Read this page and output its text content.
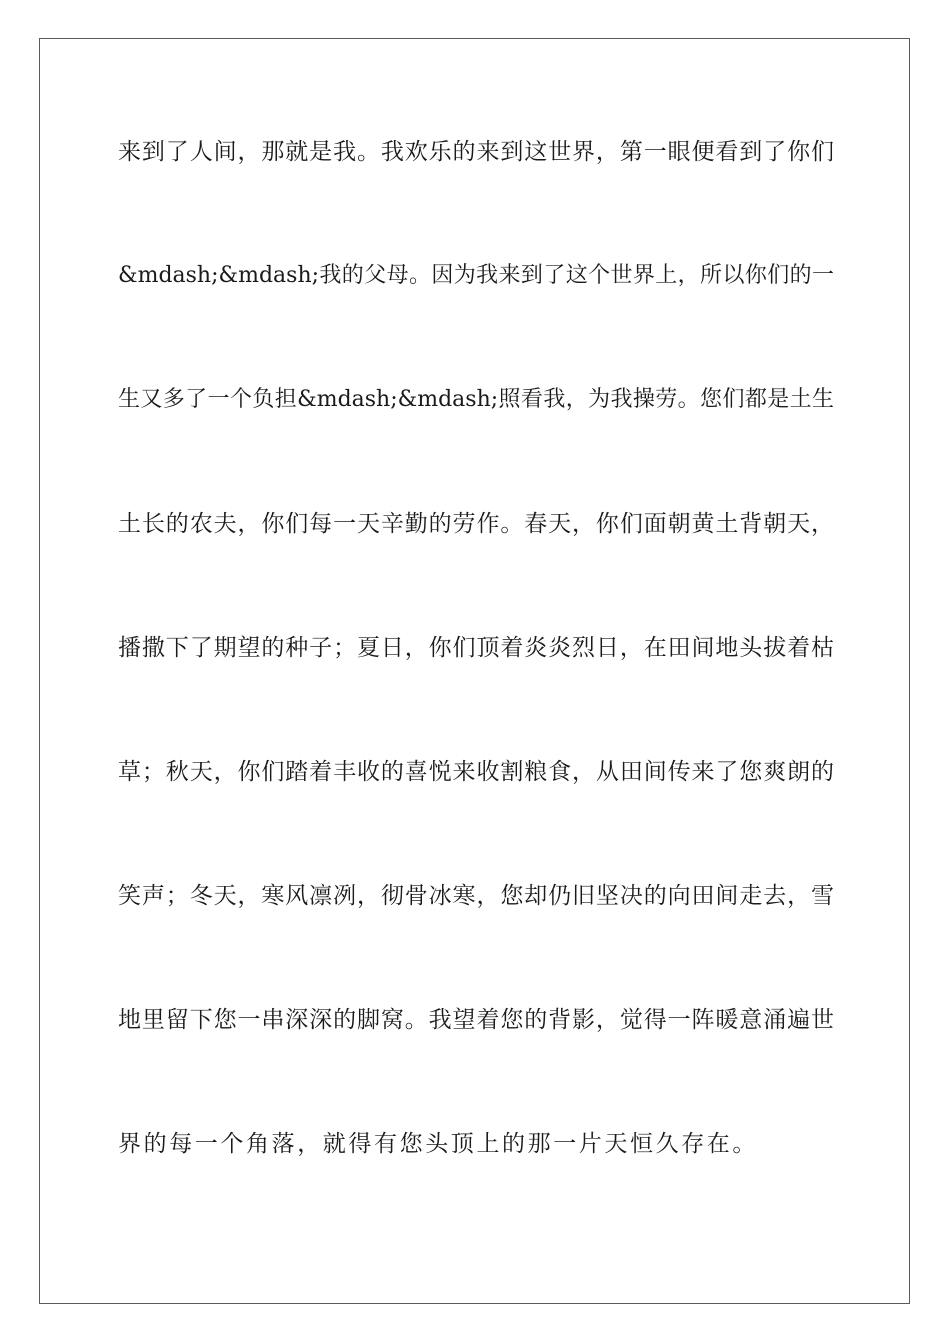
来到了人间，那就是我。我欢乐的来到这世界，第一眼便看到了你们
&mdash;&mdash;我的父母。因为我来到了这个世界上，所以你们的一
生又多了一个负担&mdash;&mdash;照看我，为我操劳。您们都是土生
土长的农夫，你们每一天辛勤的劳作。春天，你们面朝黄土背朝天，
播撒下了期望的种子；夏日，你们顶着炎炎烈日，在田间地头拔着枯
草；秋天，你们踏着丰收的喜悦来收割粮食，从田间传来了您爽朗的
笑声；冬天，寒风凛冽，彻骨冰寒，您却仍旧坚决的向田间走去，雪
地里留下您一串深深的脚窝。我望着您的背影，觉得一阵暖意涌遍世
界的每一个角落，就得有您头顶上的那一片天恒久存在。
